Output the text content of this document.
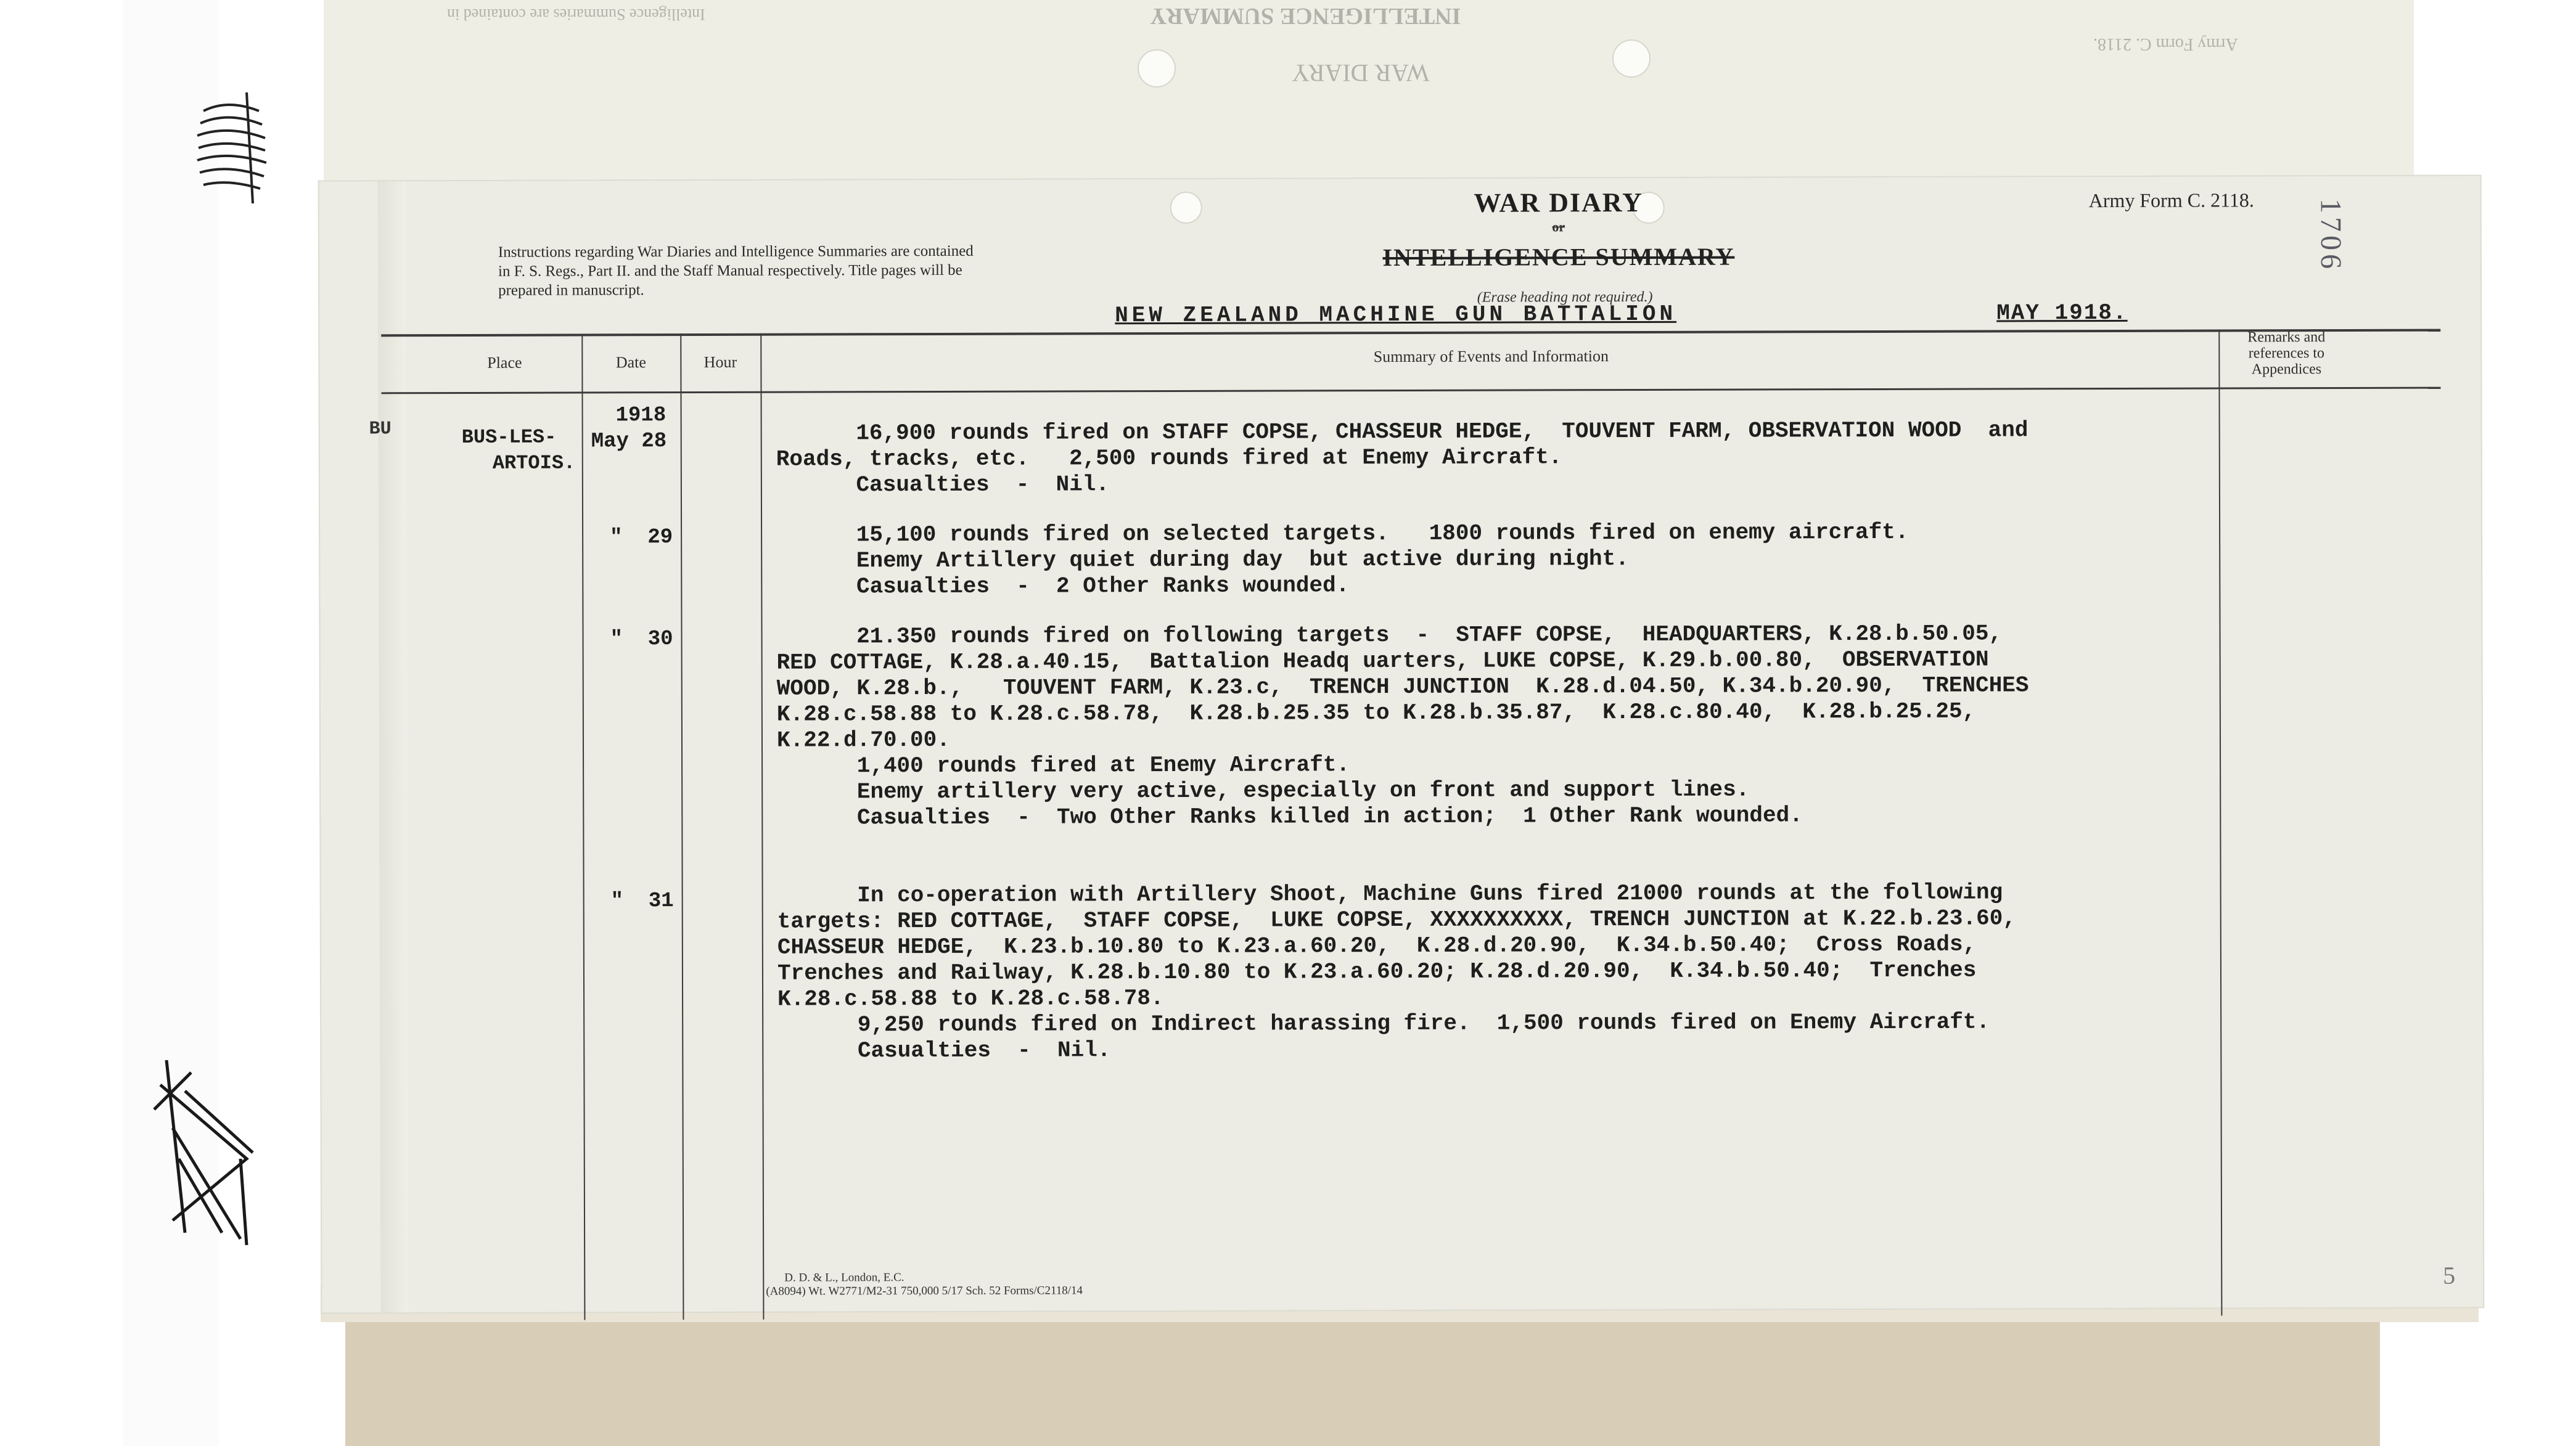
Intelligence Summaries are contained in	INTELLIGENCE SUMMARY
WAR DIARY
Army Form C. 2118.
Instructions regarding War Diaries and Intelligence Summaries are contained in F. S. Regs., Part II. and the Staff Manual respectively. Title pages will be prepared in manuscript.
WAR DIARY
or
INTELLIGENCE SUMMARY
(Erase heading not required.)
NEW ZEALAND MACHINE GUN BATTALION	MAY 1918.
Army Form C. 2118. 1706
Place	Date	Hour	Summary of Events and Information
Remarks and references to Appendices
BU	BUS-LES-
ARTOIS.
1918
May 28	16,900 rounds fired on STAFF COPSE, CHASSEUR HEDGE,  TOUVENT FARM, OBSERVATION WOOD  and
Roads, tracks, etc.   2,500 rounds fired at Enemy Aircraft.
Casualties  -  Nil.
"  29	15,100 rounds fired on selected targets.   1800 rounds fired on enemy aircraft.
Enemy Artillery quiet during day  but active during night.
Casualties  -  2 Other Ranks wounded.
"  30	21.350 rounds fired on following targets  -  STAFF COPSE,  HEADQUARTERS, K.28.b.50.05,
RED COTTAGE, K.28.a.40.15,  Battalion Headq uarters, LUKE COPSE, K.29.b.00.80,  OBSERVATION
WOOD, K.28.b.,   TOUVENT FARM, K.23.c,  TRENCH JUNCTION  K.28.d.04.50, K.34.b.20.90,  TRENCHES
K.28.c.58.88 to K.28.c.58.78,  K.28.b.25.35 to K.28.b.35.87,  K.28.c.80.40,  K.28.b.25.25,
K.22.d.70.00.
1,400 rounds fired at Enemy Aircraft.
Enemy artillery very active, especially on front and support lines.
Casualties  -  Two Other Ranks killed in action;  1 Other Rank wounded.
"  31	In co-operation with Artillery Shoot, Machine Guns fired 21000 rounds at the following
targets: RED COTTAGE,  STAFF COPSE,  LUKE COPSE, XXXXXXXXXX, TRENCH JUNCTION at K.22.b.23.60,
CHASSEUR HEDGE,  K.23.b.10.80 to K.23.a.60.20,  K.28.d.20.90,  K.34.b.50.40;  Cross Roads,
Trenches and Railway, K.28.b.10.80 to K.23.a.60.20; K.28.d.20.90,  K.34.b.50.40;  Trenches
K.28.c.58.88 to K.28.c.58.78.
9,250 rounds fired on Indirect harassing fire.  1,500 rounds fired on Enemy Aircraft.
Casualties  -  Nil.
D. D. & L., London, E.C.
(A8094) Wt. W2771/M2-31 750,000 5/17 Sch. 52 Forms/C2118/14
5
